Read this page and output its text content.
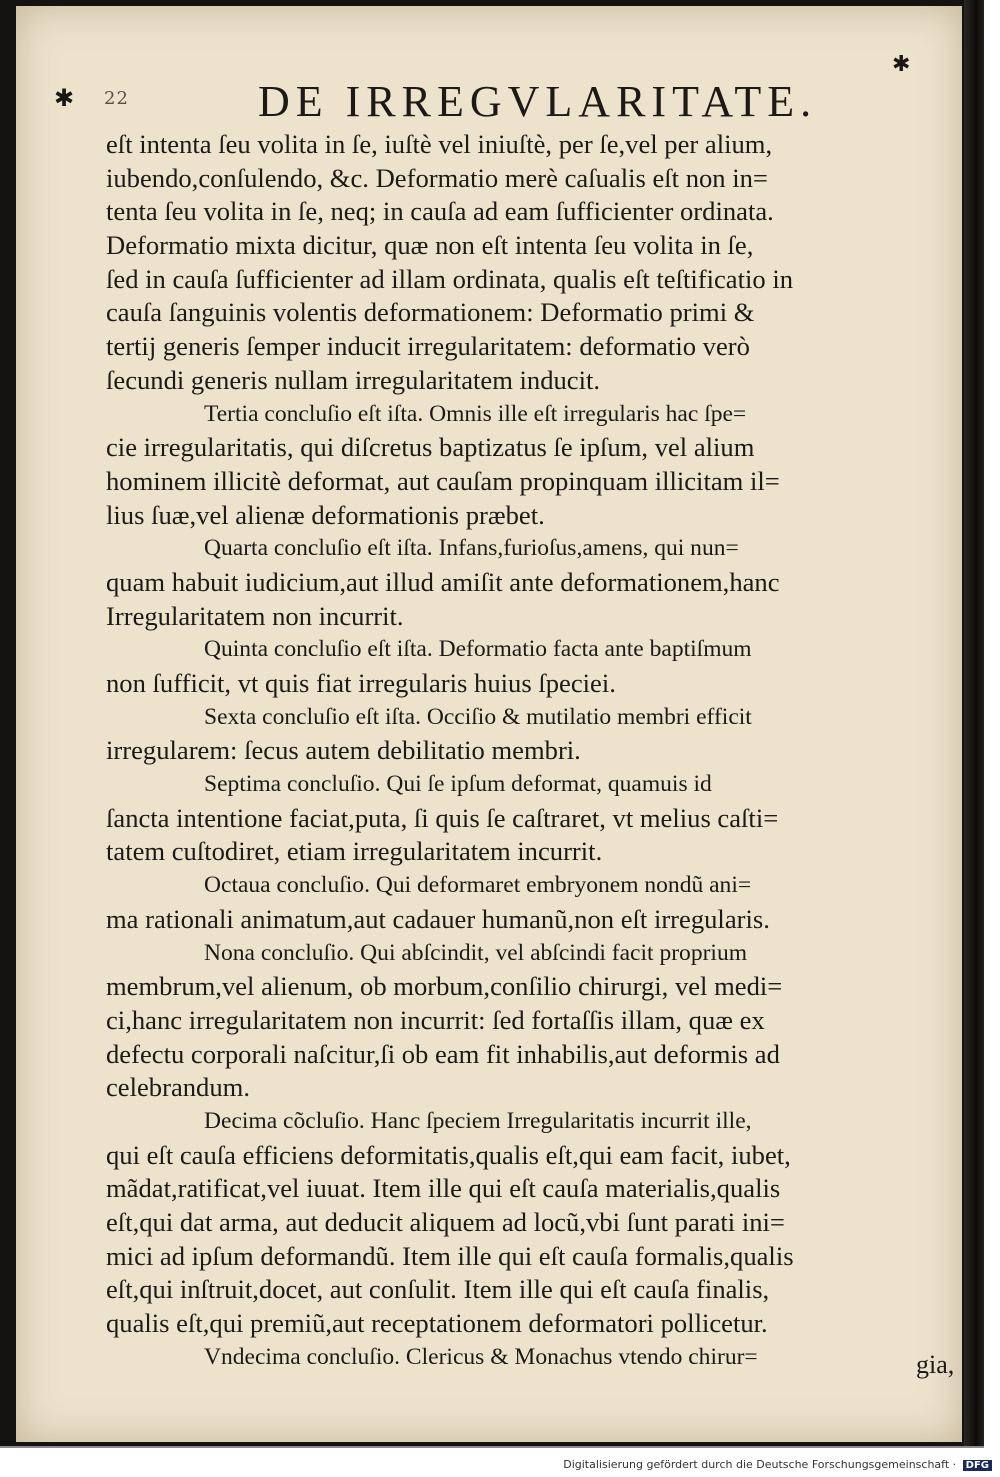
✱ 22	DE IRREGVLARITATE.
✱
eſt intenta ſeu volita in ſe, iuſtè vel iniuſtè, per ſe,vel per alium,
iubendo,conſulendo, &c. Deformatio merè caſualis eſt non in=
tenta ſeu volita in ſe, neq; in cauſa ad eam ſufficienter ordinata.
Deformatio mixta dicitur, quæ non eſt intenta ſeu volita in ſe,
ſed in cauſa ſufficienter ad illam ordinata, qualis eſt teſtificatio in
cauſa ſanguinis volentis deformationem: Deformatio primi &
tertij generis ſemper inducit irregularitatem: deformatio verò
ſecundi generis nullam irregularitatem inducit.
Tertia concluſio eſt iſta. Omnis ille eſt irregularis hac ſpe=
cie irregularitatis, qui diſcretus baptizatus ſe ipſum, vel alium
hominem illicitè deformat, aut cauſam propinquam illicitam il=
lius ſuæ,vel alienæ deformationis præbet.
Quarta concluſio eſt iſta. Infans,furioſus,amens, qui nun=
quam habuit iudicium,aut illud amiſit ante deformationem,hanc
Irregularitatem non incurrit.
Quinta concluſio eſt iſta. Deformatio facta ante baptiſmum
non ſufficit, vt quis fiat irregularis huius ſpeciei.
Sexta concluſio eſt iſta. Occiſio & mutilatio membri efficit
irregularem: ſecus autem debilitatio membri.
Septima concluſio. Qui ſe ipſum deformat, quamuis id
ſancta intentione faciat,puta, ſi quis ſe caſtraret, vt melius caſti=
tatem cuſtodiret, etiam irregularitatem incurrit.
Octaua concluſio. Qui deformaret embryonem nondũ ani=
ma rationali animatum,aut cadauer humanũ,non eſt irregularis.
Nona concluſio. Qui abſcindit, vel abſcindi facit proprium
membrum,vel alienum, ob morbum,conſilio chirurgi, vel medi=
ci,hanc irregularitatem non incurrit: ſed fortaſſis illam, quæ ex
defectu corporali naſcitur,ſi ob eam fit inhabilis,aut deformis ad
celebrandum.
Decima cõcluſio. Hanc ſpeciem Irregularitatis incurrit ille,
qui eſt cauſa efficiens deformitatis,qualis eſt,qui eam facit, iubet,
mãdat,ratificat,vel iuuat. Item ille qui eſt cauſa materialis,qualis
eſt,qui dat arma, aut deducit aliquem ad locũ,vbi ſunt parati ini=
mici ad ipſum deformandũ. Item ille qui eſt cauſa formalis,qualis
eſt,qui inſtruit,docet, aut conſulit. Item ille qui eſt cauſa finalis,
qualis eſt,qui premiũ,aut receptationem deformatori pollicetur.
Vndecima concluſio. Clericus & Monachus vtendo chirur=	gia,
Digitalisierung gefördert durch die Deutsche Forschungsgemeinschaft · DFG
